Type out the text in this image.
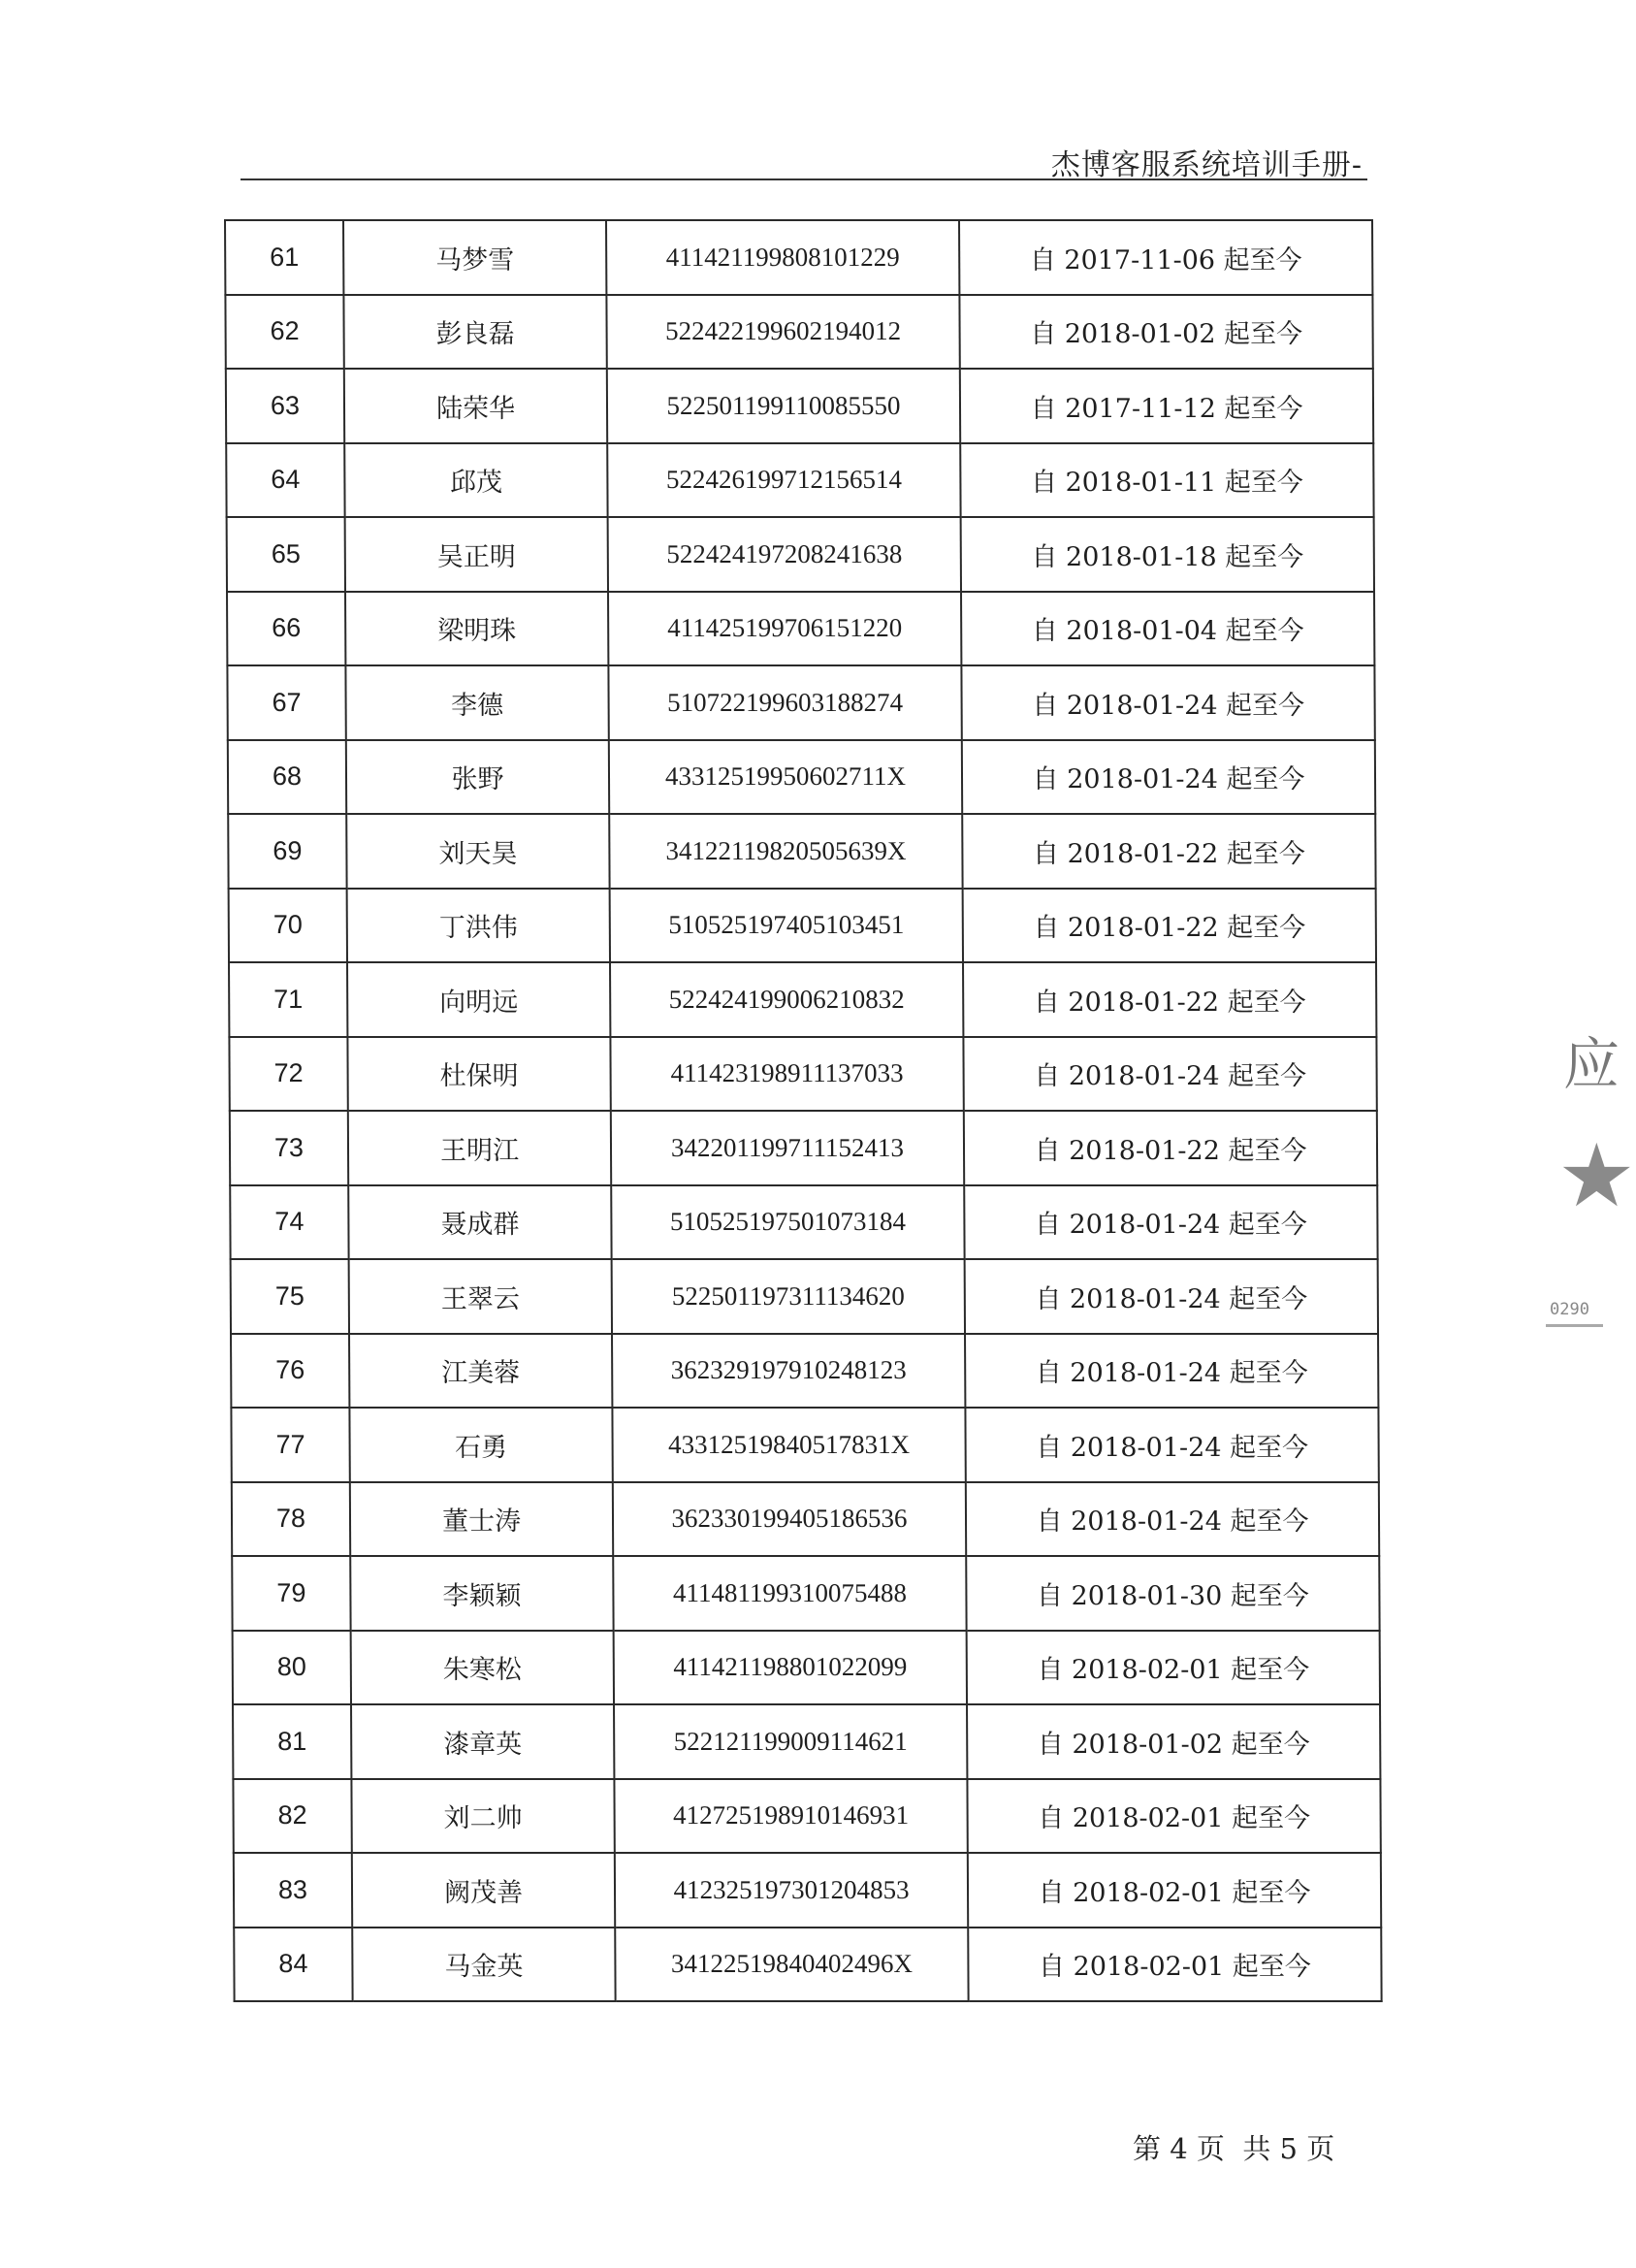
杰博客服系统培训手册-
61	马梦雪	411421199808101229	自 2017-11-06 起至今
62	彭良磊	522422199602194012	自 2018-01-02 起至今
63	陆荣华	522501199110085550	自 2017-11-12 起至今
64	邱茂	522426199712156514	自 2018-01-11 起至今
65	吴正明	522424197208241638	自 2018-01-18 起至今
66	梁明珠	411425199706151220	自 2018-01-04 起至今
67	李德	510722199603188274	自 2018-01-24 起至今
68	张野	43312519950602711X	自 2018-01-24 起至今
69	刘天昊	34122119820505639X	自 2018-01-22 起至今
70	丁洪伟	510525197405103451	自 2018-01-22 起至今
71	向明远	522424199006210832	自 2018-01-22 起至今
72	杜保明	411423198911137033	自 2018-01-24 起至今
73	王明江	342201199711152413	自 2018-01-22 起至今
74	聂成群	510525197501073184	自 2018-01-24 起至今
75	王翠云	522501197311134620	自 2018-01-24 起至今
76	江美蓉	362329197910248123	自 2018-01-24 起至今
77	石勇	43312519840517831X	自 2018-01-24 起至今
78	董士涛	362330199405186536	自 2018-01-24 起至今
79	李颖颖	411481199310075488	自 2018-01-30 起至今
80	朱寒松	411421198801022099	自 2018-02-01 起至今
81	漆章英	522121199009114621	自 2018-01-02 起至今
82	刘二帅	412725198910146931	自 2018-02-01 起至今
83	阙茂善	412325197301204853	自 2018-02-01 起至今
84	马金英	34122519840402496X	自 2018-02-01 起至今
应
★
0290
第 4 页  共 5 页
